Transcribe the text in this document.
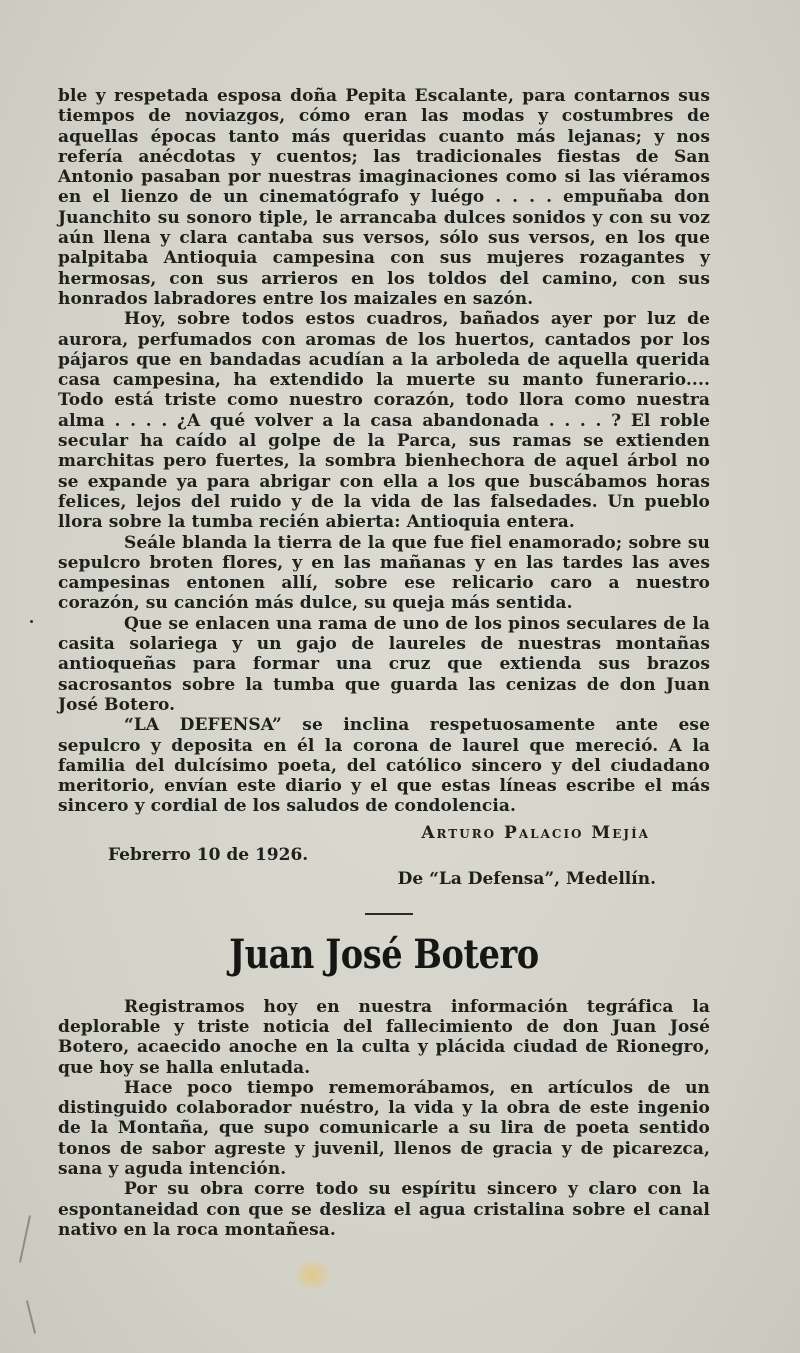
ble y respetada esposa doña Pepita Escalante, para contarnos sus tiempos de noviazgos, cómo eran las modas y costumbres de aquellas épocas tanto más queridas cuanto más lejanas; y nos refería anécdotas y cuentos; las tradicionales fiestas de San Antonio pasaban por nuestras imaginaciones como si las viéramos en el lienzo de un cinematógrafo y luégo . . . . empuñaba don Juanchito su sonoro tiple, le arrancaba dulces sonidos y con su voz aún llena y clara cantaba sus versos, sólo sus versos, en los que palpitaba Antioquia campesina con sus mujeres rozagantes y hermosas, con sus arrieros en los toldos del camino, con sus honrados labradores entre los maizales en sazón.

Hoy, sobre todos estos cuadros, bañados ayer por luz de aurora, perfumados con aromas de los huertos, cantados por los pájaros que en bandadas acudían a la arboleda de aquella querida casa campesina, ha extendido la muerte su manto funerario.... Todo está triste como nuestro corazón, todo llora como nuestra alma . . . . ¿A qué volver a la casa abandonada . . . . ? El roble secular ha caído al golpe de la Parca, sus ramas se extienden marchitas pero fuertes, la sombra bienhechora de aquel árbol no se expande ya para abrigar con ella a los que buscábamos horas felices, lejos del ruido y de la vida de las falsedades. Un pueblo llora sobre la tumba recién abierta: Antioquia entera.

Seále blanda la tierra de la que fue fiel enamorado; sobre su sepulcro broten flores, y en las mañanas y en las tardes las aves campesinas entonen allí, sobre ese relicario caro a nuestro corazón, su canción más dulce, su queja más sentida.

Que se enlacen una rama de uno de los pinos seculares de la casita solariega y un gajo de laureles de nuestras montañas antioqueñas para formar una cruz que extienda sus brazos sacrosantos sobre la tumba que guarda las cenizas de don Juan José Botero.

“LA DEFENSA” se inclina respetuosamente ante ese sepulcro y deposita en él la corona de laurel que mereció. A la familia del dulcísimo poeta, del católico sincero y del ciudadano meritorio, envían este diario y el que estas líneas escribe el más sincero y cordial de los saludos de condolencia.

Arturo Palacio Mejía
Febrerro 10 de 1926.
De “La Defensa”, Medellín.
Juan José Botero

Registramos hoy en nuestra información tegráfica la deplorable y triste noticia del fallecimiento de don Juan José Botero, acaecido anoche en la culta y plácida ciudad de Rionegro, que hoy se halla enlutada.

Hace poco tiempo rememorábamos, en artículos de un distinguido colaborador nuéstro, la vida y la obra de este ingenio de la Montaña, que supo comunicarle a su lira de poeta sentido tonos de sabor agreste y juvenil, llenos de gracia y de picarezca, sana y aguda intención.

Por su obra corre todo su espíritu sincero y claro con la espontaneidad con que se desliza el agua cristalina sobre el canal nativo en la roca montañesa.
